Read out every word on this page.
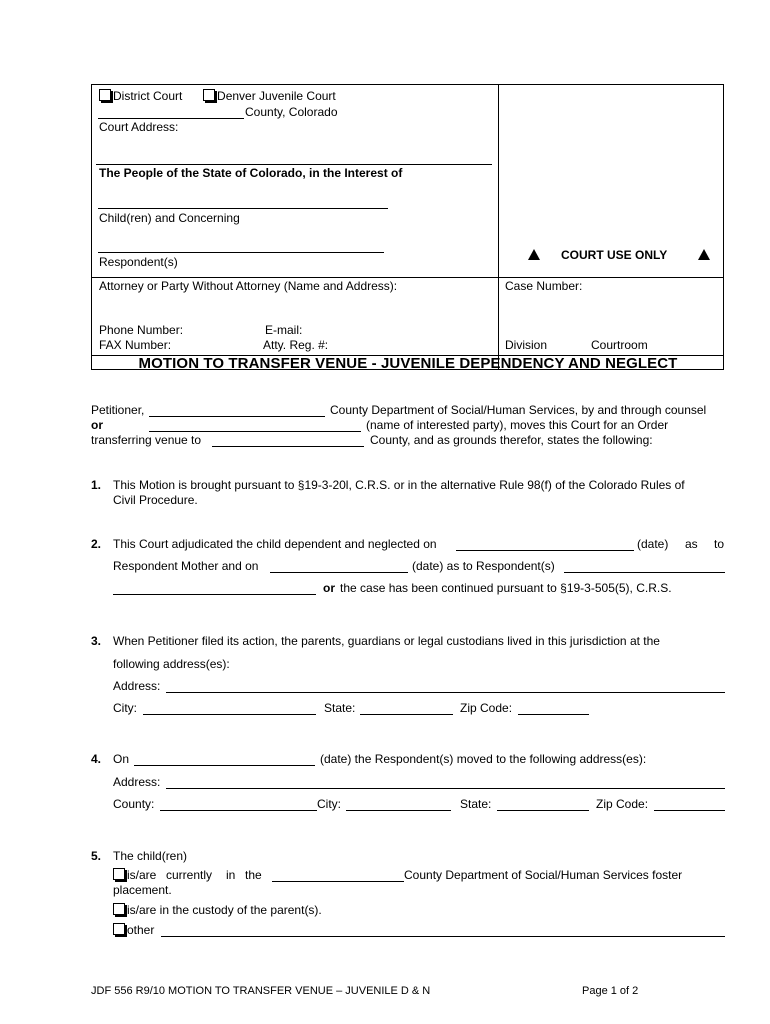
District Court	Denver Juvenile Court
County, Colorado
Court Address:
The People of the State of Colorado, in the Interest of
Child(ren) and Concerning
Respondent(s)	COURT USE ONLY
Attorney or Party Without Attorney (Name and Address):	Case Number:
Phone Number:	E-mail:
FAX Number:	Atty. Reg. #:	Division	Courtroom
MOTION TO TRANSFER VENUE - JUVENILE DEPENDENCY AND NEGLECT
Petitioner,	County Department of Social/Human Services, by and through counsel
or	(name of interested party), moves this Court for an Order
transferring venue to	County, and as grounds therefor, states the following:
1. This Motion is brought pursuant to §19-3-20l, C.R.S. or in the alternative Rule 98(f) of the Colorado Rules of
Civil Procedure.
2. This Court adjudicated the child dependent and neglected on	(date) as to
Respondent Mother and on	(date) as to Respondent(s)
or the case has been continued pursuant to §19-3-505(5), C.R.S.
3. When Petitioner filed its action, the parents, guardians or legal custodians lived in this jurisdiction at the
following address(es):
Address:
City:	State:	Zip Code:
4. On	(date) the Respondent(s) moved to the following address(es):
Address:
County:	City:	State:	Zip Code:
5. The child(ren)
is/are currently in the	County Department of Social/Human Services foster
placement.
is/are in the custody of the parent(s).
other
JDF 556 R9/10 MOTION TO TRANSFER VENUE – JUVENILE D & N	Page 1 of 2
